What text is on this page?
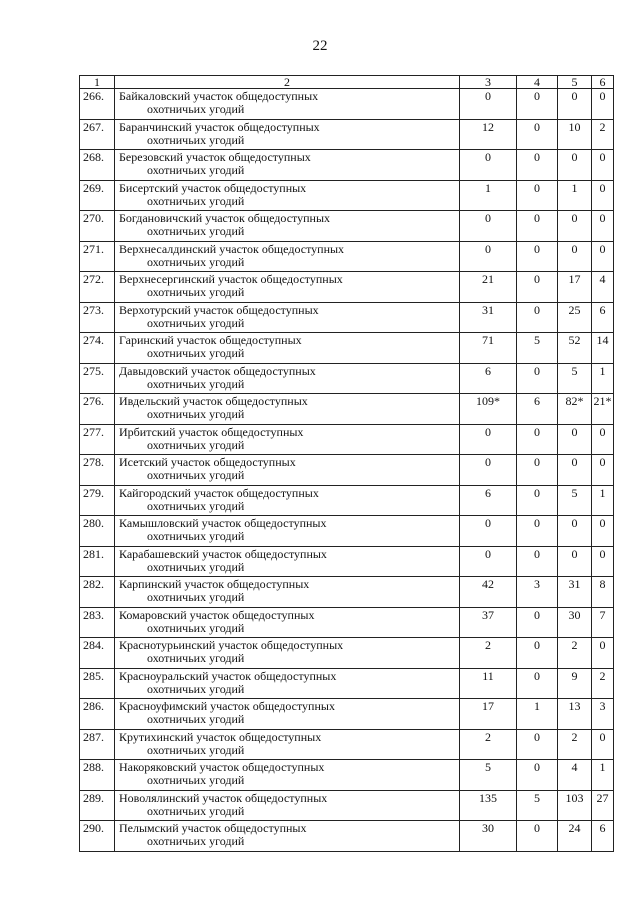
22
1	2	3	4	5	6
266.	Байкаловский участок общедоступных
охотничьих угодий	0	0	0	0
267.	Баранчинский участок общедоступных
охотничьих угодий	12	0	10	2
268.	Березовский участок общедоступных
охотничьих угодий	0	0	0	0
269.	Бисертский участок общедоступных
охотничьих угодий	1	0	1	0
270.	Богдановичский участок общедоступных
охотничьих угодий	0	0	0	0
271.	Верхнесалдинский участок общедоступных
охотничьих угодий	0	0	0	0
272.	Верхнесергинский участок общедоступных
охотничьих угодий	21	0	17	4
273.	Верхотурский участок общедоступных
охотничьих угодий	31	0	25	6
274.	Гаринский участок общедоступных
охотничьих угодий	71	5	52	14
275.	Давыдовский участок общедоступных
охотничьих угодий	6	0	5	1
276.	Ивдельский участок общедоступных
охотничьих угодий	109*	6	82*	21*
277.	Ирбитский участок общедоступных
охотничьих угодий	0	0	0	0
278.	Исетский участок общедоступных
охотничьих угодий	0	0	0	0
279.	Кайгородский участок общедоступных
охотничьих угодий	6	0	5	1
280.	Камышловский участок общедоступных
охотничьих угодий	0	0	0	0
281.	Карабашевский участок общедоступных
охотничьих угодий	0	0	0	0
282.	Карпинский участок общедоступных
охотничьих угодий	42	3	31	8
283.	Комаровский участок общедоступных
охотничьих угодий	37	0	30	7
284.	Краснотурьинский участок общедоступных
охотничьих угодий	2	0	2	0
285.	Красноуральский участок общедоступных
охотничьих угодий	11	0	9	2
286.	Красноуфимский участок общедоступных
охотничьих угодий	17	1	13	3
287.	Крутихинский участок общедоступных
охотничьих угодий	2	0	2	0
288.	Накоряковский участок общедоступных
охотничьих угодий	5	0	4	1
289.	Новолялинский участок общедоступных
охотничьих угодий	135	5	103	27
290.	Пелымский участок общедоступных
охотничьих угодий	30	0	24	6
